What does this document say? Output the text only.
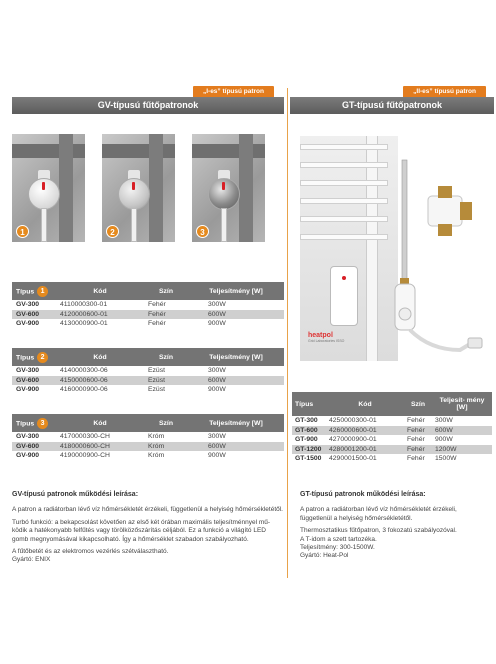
„I-es” típusú patron
GV-típusú fűtőpatronok
1	2	3
Típus 1	Kód	Szín	Teljesítmény [W]
GV-300	4110000300-01	Fehér	300W
GV-600	4120000600-01	Fehér	600W
GV-900	4130000900-01	Fehér	900W
Típus 2	Kód	Szín	Teljesítmény [W]
GV-300	4140000300-06	Ezüst	300W
GV-600	4150000600-06	Ezüst	600W
GV-900	4160000900-06	Ezüst	900W
Típus 3	Kód	Szín	Teljesítmény [W]
GV-300	4170000300-CH	Króm	300W
GV-600	4180000600-CH	Króm	600W
GV-900	4190000900-CH	Króm	900W
GV-típusú patronok működési leírása:

A patron a radiátorban lévő víz hőmérsékletét érzékeli, függetlenül a helyiség hőmérsékletétől.

Turbó funkció: a bekapcsolást követően az első két órában maximális teljesítménnyel mű-

ködik a hatékonyabb felfűtés vagy törölközőszárítás céljából. Ez a funkció a világító LED

gomb megnyomásával kikapcsolható. Így a hőmérséklet szabadon szabályozható.

A fűtőbetét és az elektromos vezérlés szétválasztható.

Gyártó: ENIX

„II-es” típusú patron
GT-típusú fűtőpatronok
heatpol
Grid Laboratories ISSO
Típus	Kód	Szín	Teljesít- mény [W]
GT-300	4250000300-01	Fehér	300W
GT-600	4260000600-01	Fehér	600W
GT-900	4270000900-01	Fehér	900W
GT-1200	4280001200-01	Fehér	1200W
GT-1500	4290001500-01	Fehér	1500W
GT-típusú patronok működési leírása:

A patron a radiátorban lévő víz hőmérsékletét érzékeli,

függetlenül a helyiség hőmérsékletétől.

Thermosztatikus fűtőpatron, 3 fokozatú szabályozóval.

A T-idom a szett tartozéka.

Teljesítmény: 300-1500W.

Gyártó: Heat-Pol
